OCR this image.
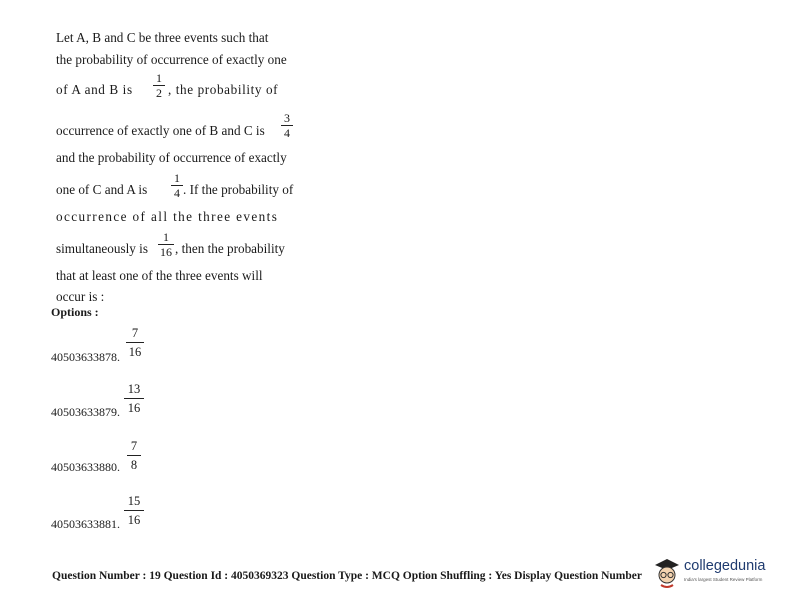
Let A, B and C be three events such that
the probability of occurrence of exactly one
of A and B is
1
2 , the probability of
occurrence of exactly one of B and C is
3
4
and the probability of occurrence of exactly
one of C and A is
1
4 . If the probability of
occurrence of all the three events
simultaneously is
1
16 , then the probability
that at least one of the three events will
occur is :
Options :
40503633878.
7
16
40503633879.
13
16
40503633880.
7
8
40503633881.
15
16
Question Number : 19 Question Id : 4050369323 Question Type : MCQ Option Shuffling : Yes Display Question Number
collegedunia
India's largest Student Review Platform
